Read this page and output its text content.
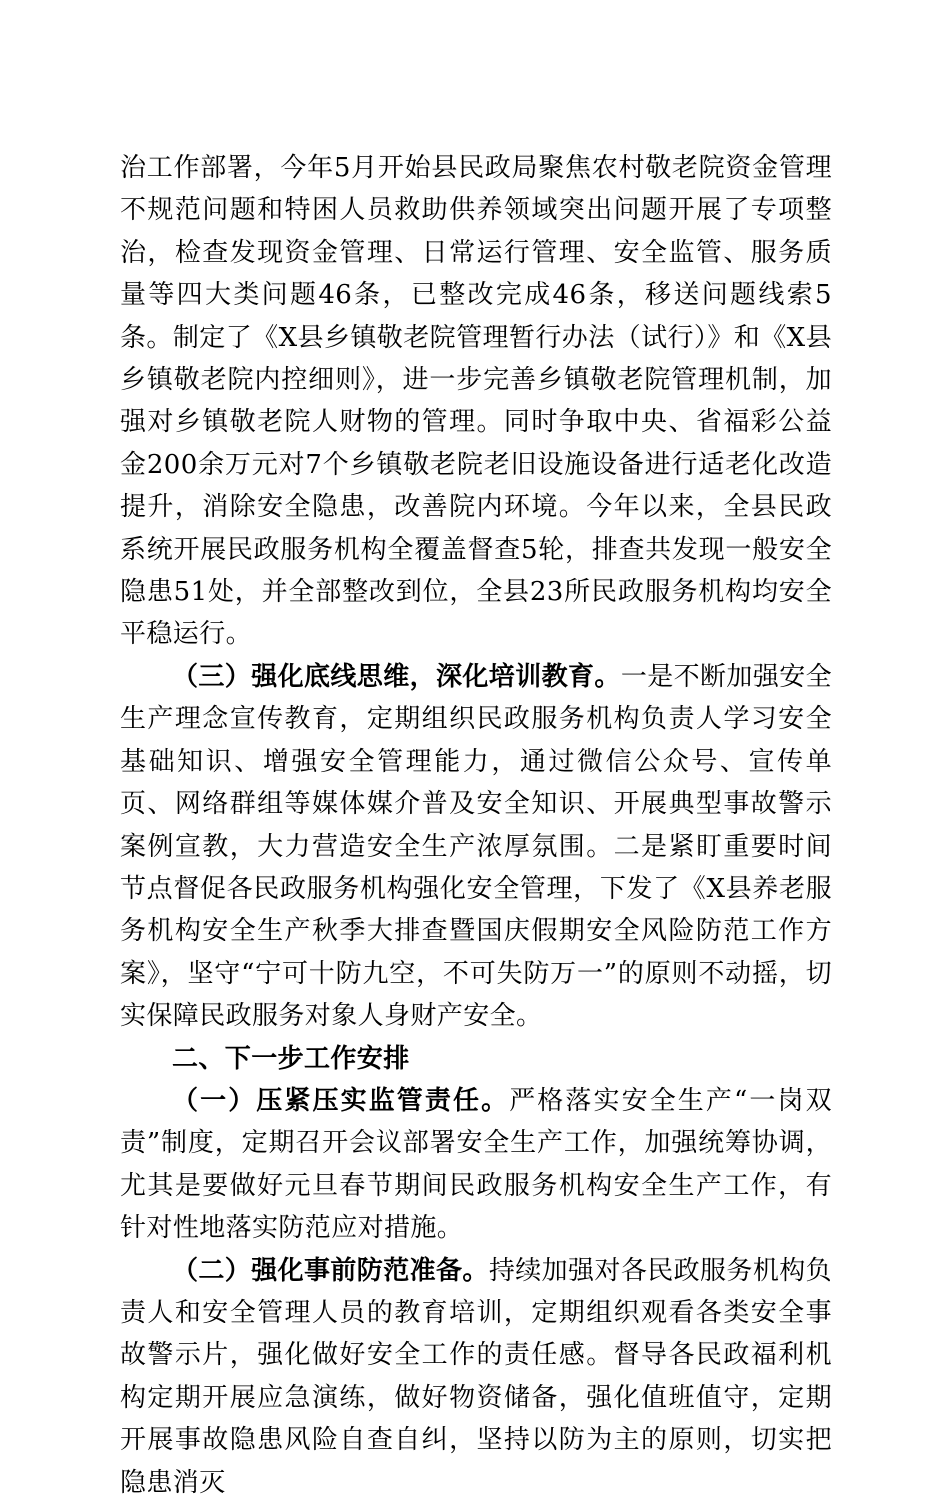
治工作部署，今年5月开始县民政局聚焦农村敬老院资金管理不规范问题和特困人员救助供养领域突出问题开展了专项整治，检查发现资金管理、日常运行管理、安全监管、服务质量等四大类问题46条，已整改完成46条，移送问题线索5条。制定了《X县乡镇敬老院管理暂行办法（试行）》和《X县乡镇敬老院内控细则》，进一步完善乡镇敬老院管理机制，加强对乡镇敬老院人财物的管理。同时争取中央、省福彩公益金200余万元对7个乡镇敬老院老旧设施设备进行适老化改造提升，消除安全隐患，改善院内环境。今年以来，全县民政系统开展民政服务机构全覆盖督查5轮，排查共发现一般安全隐患51处，并全部整改到位，全县23所民政服务机构均安全平稳运行。

（三）强化底线思维，深化培训教育。一是不断加强安全生产理念宣传教育，定期组织民政服务机构负责人学习安全基础知识、增强安全管理能力，通过微信公众号、宣传单页、网络群组等媒体媒介普及安全知识、开展典型事故警示案例宣教，大力营造安全生产浓厚氛围。二是紧盯重要时间节点督促各民政服务机构强化安全管理，下发了《X县养老服务机构安全生产秋季大排查暨国庆假期安全风险防范工作方案》，坚守“宁可十防九空，不可失防万一”的原则不动摇，切实保障民政服务对象人身财产安全。

二、下一步工作安排

（一）压紧压实监管责任。严格落实安全生产“一岗双责”制度，定期召开会议部署安全生产工作，加强统筹协调，尤其是要做好元旦春节期间民政服务机构安全生产工作，有针对性地落实防范应对措施。

（二）强化事前防范准备。持续加强对各民政服务机构负责人和安全管理人员的教育培训，定期组织观看各类安全事故警示片，强化做好安全工作的责任感。督导各民政福利机构定期开展应急演练，做好物资储备，强化值班值守，定期开展事故隐患风险自查自纠，坚持以防为主的原则，切实把隐患消灭
